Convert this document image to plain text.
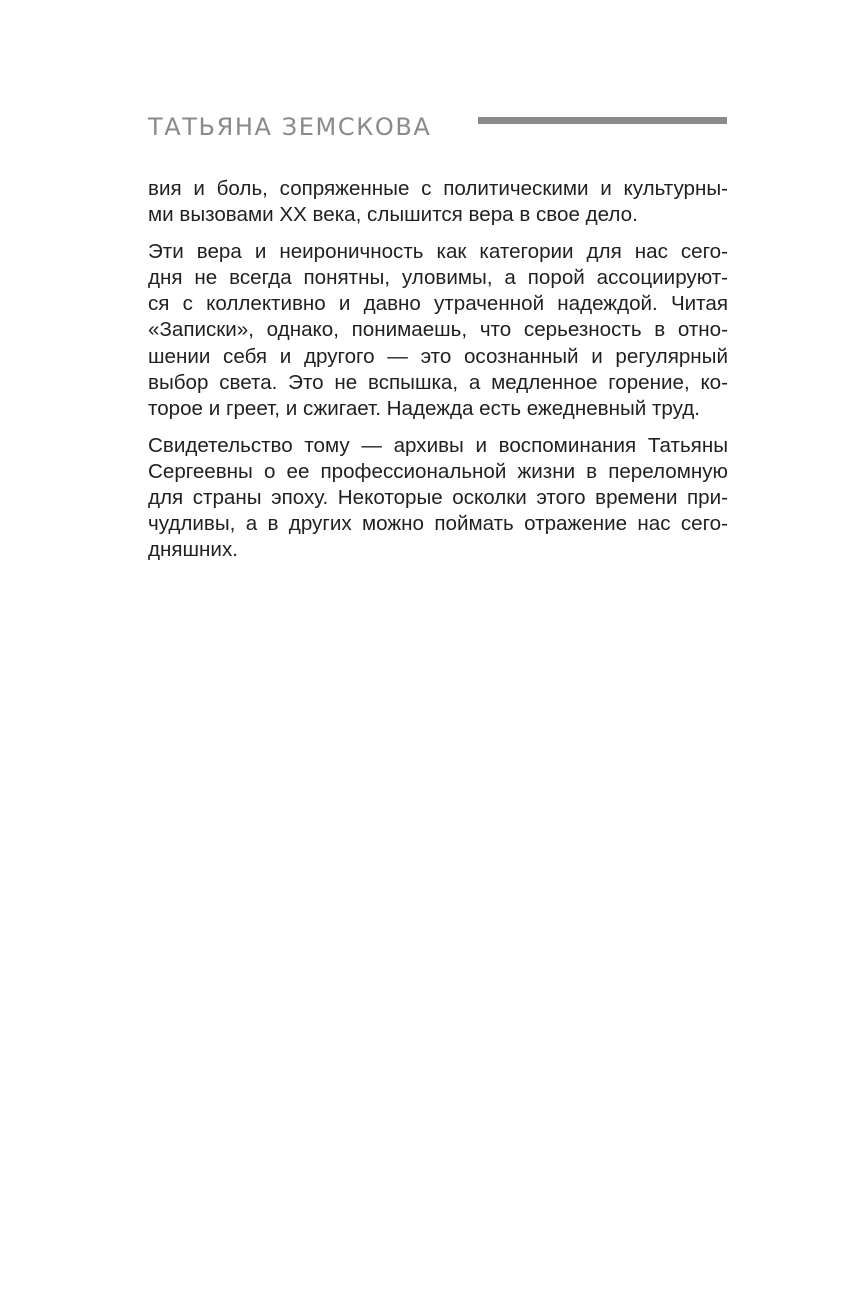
ТАТЬЯНА ЗЕМСКОВА

вия и боль, сопряженные с политическими и культурны-
ми вызовами XX века, слышится вера в свое дело.

Эти вера и неироничность как категории для нас сего-
дня не всегда понятны, уловимы, а порой ассоциируют-
ся с коллективно и давно утраченной надеждой. Читая
«Записки», однако, понимаешь, что серьезность в отно-
шении себя и другого — это осознанный и регулярный
выбор света. Это не вспышка, а медленное горение, ко-
торое и греет, и сжигает. Надежда есть ежедневный труд.

Свидетельство тому — архивы и воспоминания Татьяны
Сергеевны о ее профессиональной жизни в переломную
для страны эпоху. Некоторые осколки этого времени при-
чудливы, а в других можно поймать отражение нас сего-
дняшних.
